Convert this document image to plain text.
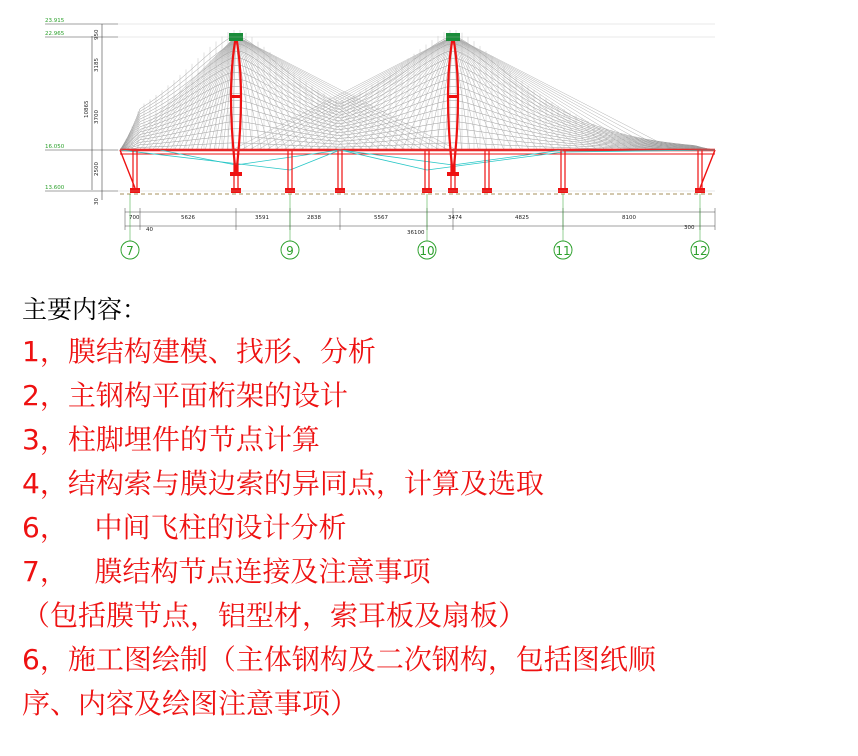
23.915
22.965
16.050
13.600
950
3185
3700
2500
10865
30
700	5626	3591	2838	5567	3474	4825	8100
40	36100
300
7	9	10	11	12
主要内容：
1，膜结构建模、找形、分析
2，主钢构平面桁架的设计
3，柱脚埋件的节点计算
4，结构索与膜边索的异同点，计算及选取
6，   中间飞柱的设计分析
7，   膜结构节点连接及注意事项
（包括膜节点，铝型材，索耳板及扇板）
6，施工图绘制（主体钢构及二次钢构，包括图纸顺
序、内容及绘图注意事项）
